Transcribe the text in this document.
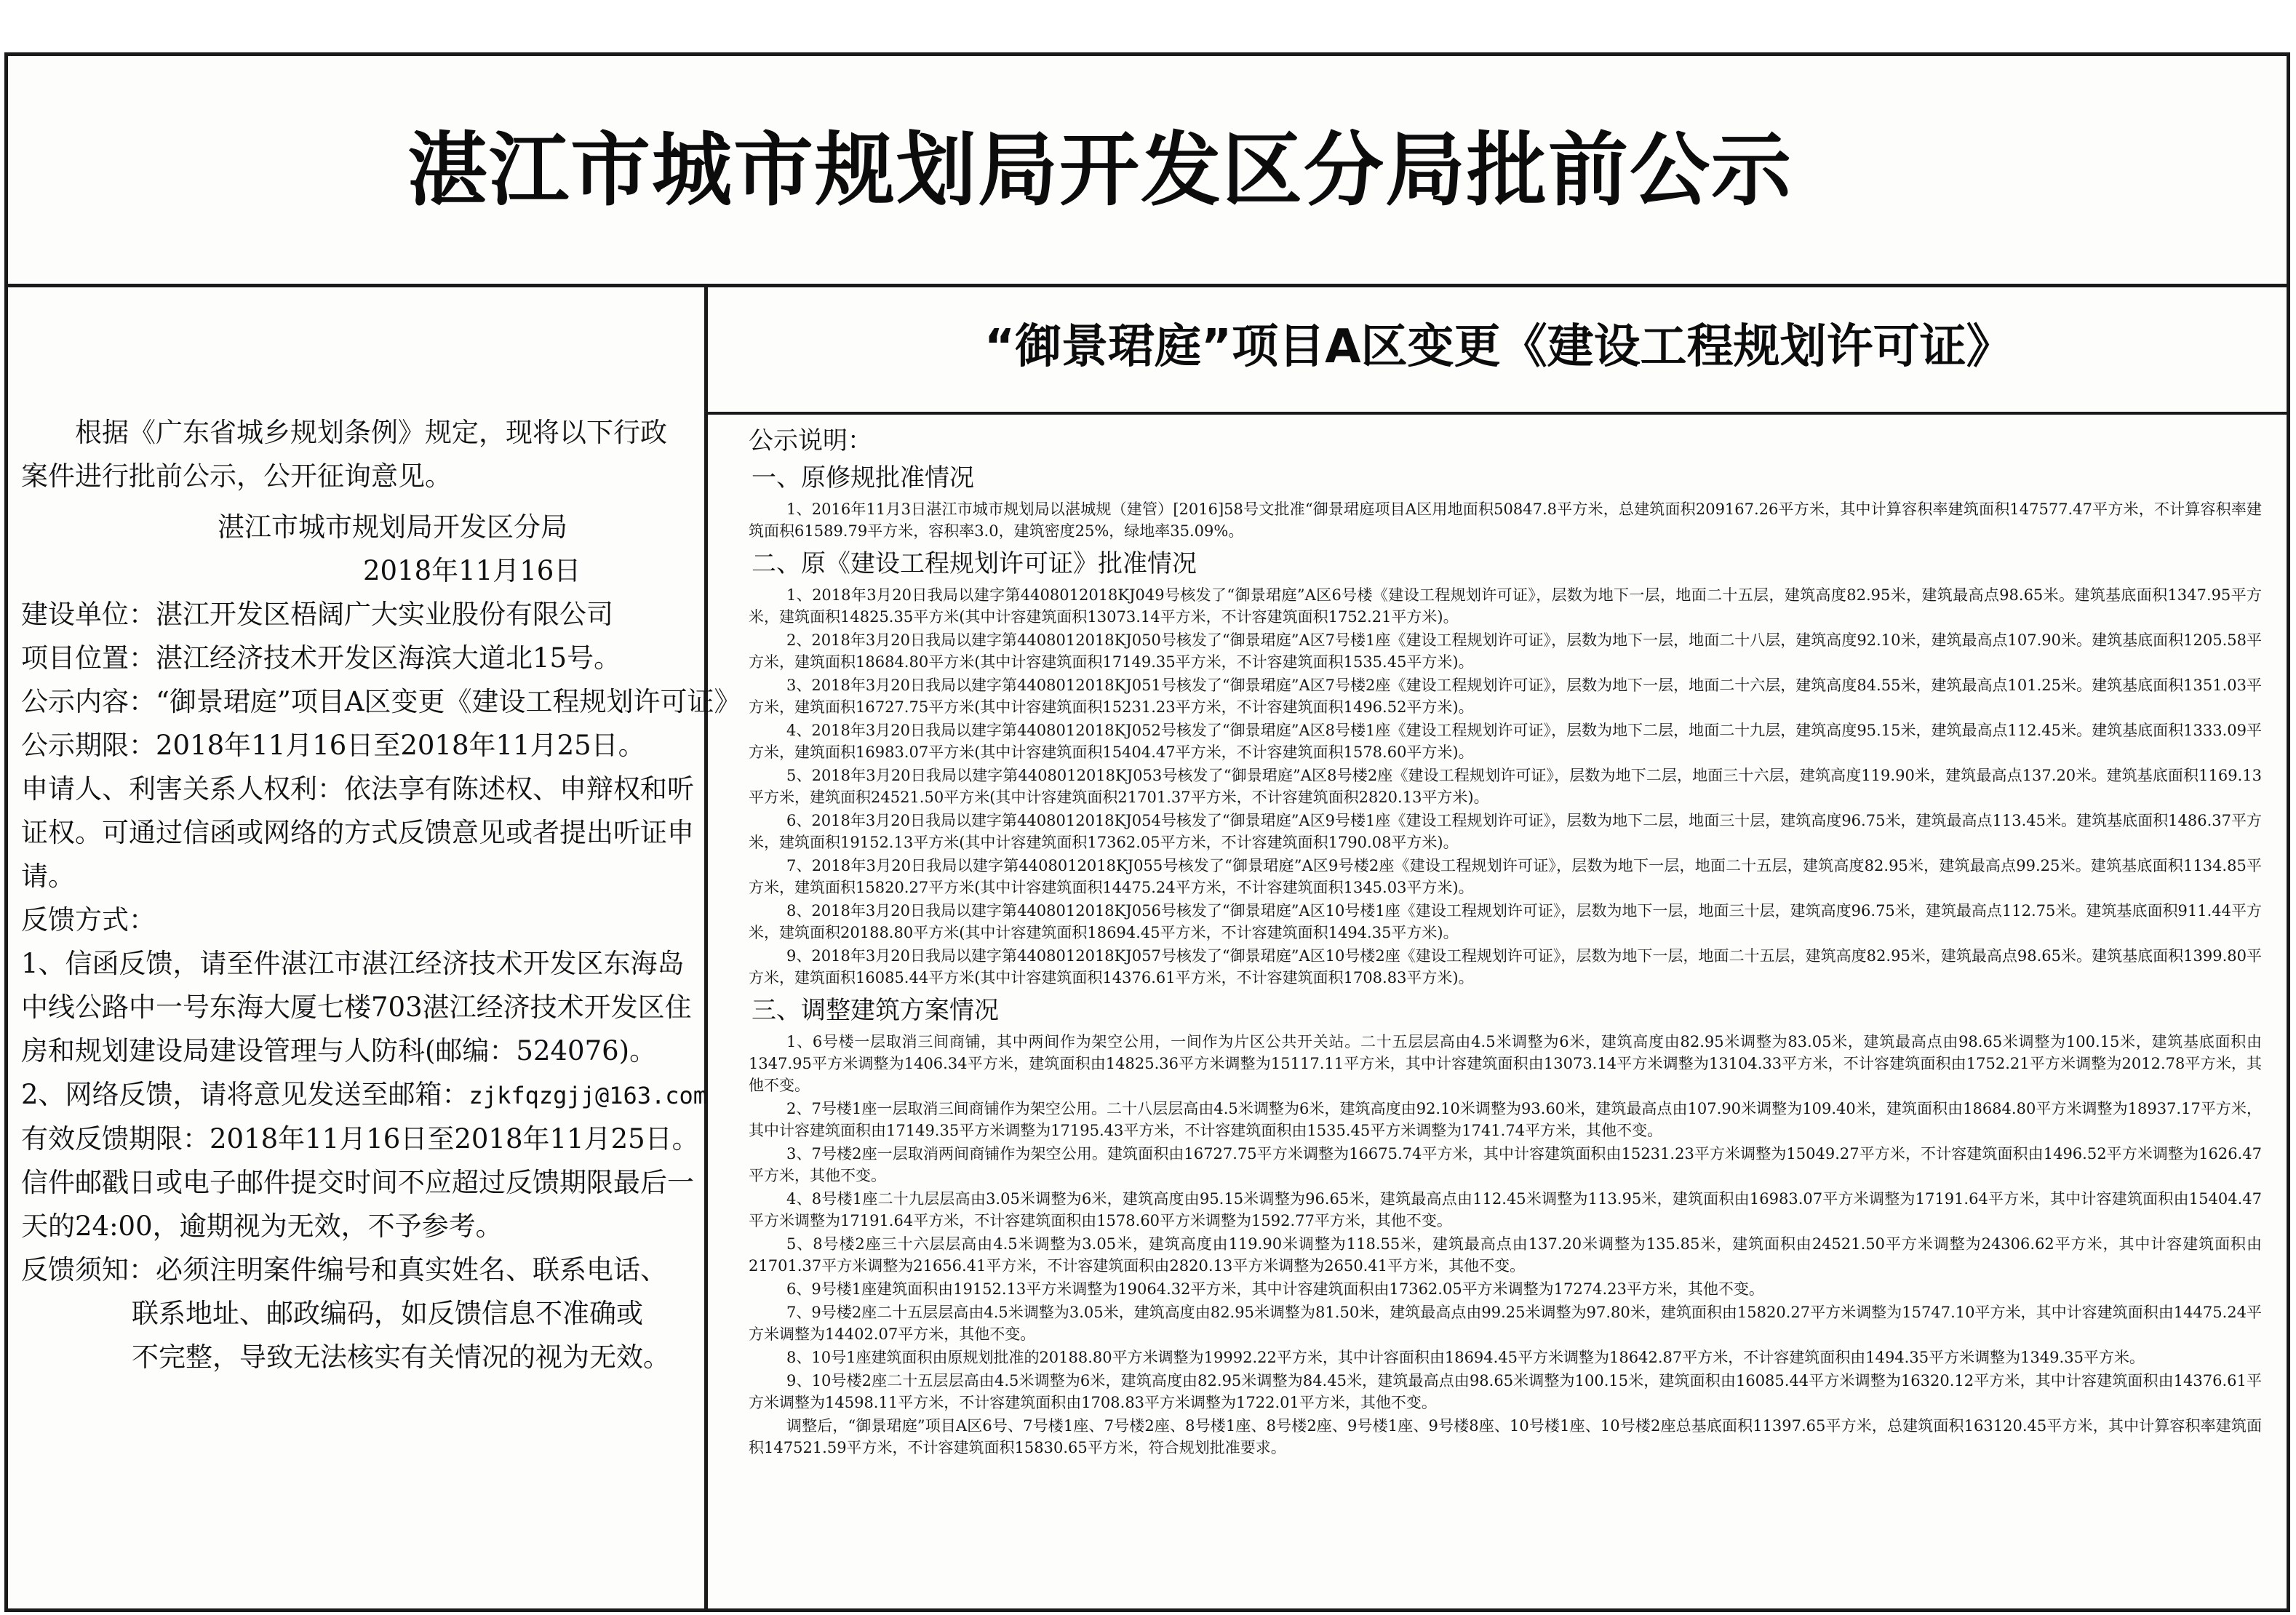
湛江市城市规划局开发区分局批前公示

根据《广东省城乡规划条例》规定，现将以下行政案件进行批前公示，公开征询意见。

湛江市城市规划局开发区分局

2018年11月16日

建设单位：湛江开发区梧阔广大实业股份有限公司

项目位置：湛江经济技术开发区海滨大道北15号。

公示内容：“御景珺庭”项目A区变更《建设工程规划许可证》

公示期限：2018年11月16日至2018年11月25日。

申请人、利害关系人权利：依法享有陈述权、申辩权和听证权。可通过信函或网络的方式反馈意见或者提出听证申请。

反馈方式：

1、信函反馈，请至件湛江市湛江经济技术开发区东海岛中线公路中一号东海大厦七楼703湛江经济技术开发区住房和规划建设局建设管理与人防科(邮编：524076)。

2、网络反馈，请将意见发送至邮箱：zjkfqzgjj@163.com

有效反馈期限：2018年11月16日至2018年11月25日。

信件邮戳日或电子邮件提交时间不应超过反馈期限最后一天的24:00，逾期视为无效，不予参考。

反馈须知：必须注明案件编号和真实姓名、联系电话、

联系地址、邮政编码，如反馈信息不准确或

不完整，导致无法核实有关情况的视为无效。

“御景珺庭”项目A区变更《建设工程规划许可证》

公示说明：

一、原修规批准情况

1、2016年11月3日湛江市城市规划局以湛城规（建管）[2016]58号文批准“御景珺庭项目A区用地面积50847.8平方米，总建筑面积209167.26平方米，其中计算容积率建筑面积147577.47平方米，不计算容积率建筑面积61589.79平方米，容积率3.0，建筑密度25%，绿地率35.09%。

二、原《建设工程规划许可证》批准情况

1、2018年3月20日我局以建字第4408012018KJ049号核发了“御景珺庭”A区6号楼《建设工程规划许可证》，层数为地下一层，地面二十五层，建筑高度82.95米，建筑最高点98.65米。建筑基底面积1347.95平方米，建筑面积14825.35平方米(其中计容建筑面积13073.14平方米，不计容建筑面积1752.21平方米)。

2、2018年3月20日我局以建字第4408012018KJ050号核发了“御景珺庭”A区7号楼1座《建设工程规划许可证》，层数为地下一层，地面二十八层，建筑高度92.10米，建筑最高点107.90米。建筑基底面积1205.58平方米，建筑面积18684.80平方米(其中计容建筑面积17149.35平方米，不计容建筑面积1535.45平方米)。

3、2018年3月20日我局以建字第4408012018KJ051号核发了“御景珺庭”A区7号楼2座《建设工程规划许可证》，层数为地下一层，地面二十六层，建筑高度84.55米，建筑最高点101.25米。建筑基底面积1351.03平方米，建筑面积16727.75平方米(其中计容建筑面积15231.23平方米，不计容建筑面积1496.52平方米)。

4、2018年3月20日我局以建字第4408012018KJ052号核发了“御景珺庭”A区8号楼1座《建设工程规划许可证》，层数为地下二层，地面二十九层，建筑高度95.15米，建筑最高点112.45米。建筑基底面积1333.09平方米，建筑面积16983.07平方米(其中计容建筑面积15404.47平方米，不计容建筑面积1578.60平方米)。

5、2018年3月20日我局以建字第4408012018KJ053号核发了“御景珺庭”A区8号楼2座《建设工程规划许可证》，层数为地下二层，地面三十六层，建筑高度119.90米，建筑最高点137.20米。建筑基底面积1169.13平方米，建筑面积24521.50平方米(其中计容建筑面积21701.37平方米，不计容建筑面积2820.13平方米)。

6、2018年3月20日我局以建字第4408012018KJ054号核发了“御景珺庭”A区9号楼1座《建设工程规划许可证》，层数为地下二层，地面三十层，建筑高度96.75米，建筑最高点113.45米。建筑基底面积1486.37平方米，建筑面积19152.13平方米(其中计容建筑面积17362.05平方米，不计容建筑面积1790.08平方米)。

7、2018年3月20日我局以建字第4408012018KJ055号核发了“御景珺庭”A区9号楼2座《建设工程规划许可证》，层数为地下一层，地面二十五层，建筑高度82.95米，建筑最高点99.25米。建筑基底面积1134.85平方米，建筑面积15820.27平方米(其中计容建筑面积14475.24平方米，不计容建筑面积1345.03平方米)。

8、2018年3月20日我局以建字第4408012018KJ056号核发了“御景珺庭”A区10号楼1座《建设工程规划许可证》，层数为地下一层，地面三十层，建筑高度96.75米，建筑最高点112.75米。建筑基底面积911.44平方米，建筑面积20188.80平方米(其中计容建筑面积18694.45平方米，不计容建筑面积1494.35平方米)。

9、2018年3月20日我局以建字第4408012018KJ057号核发了“御景珺庭”A区10号楼2座《建设工程规划许可证》，层数为地下一层，地面二十五层，建筑高度82.95米，建筑最高点98.65米。建筑基底面积1399.80平方米，建筑面积16085.44平方米(其中计容建筑面积14376.61平方米，不计容建筑面积1708.83平方米)。

三、调整建筑方案情况

1、6号楼一层取消三间商铺，其中两间作为架空公用，一间作为片区公共开关站。二十五层层高由4.5米调整为6米，建筑高度由82.95米调整为83.05米，建筑最高点由98.65米调整为100.15米，建筑基底面积由1347.95平方米调整为1406.34平方米，建筑面积由14825.36平方米调整为15117.11平方米，其中计容建筑面积由13073.14平方米调整为13104.33平方米，不计容建筑面积由1752.21平方米调整为2012.78平方米，其他不变。

2、7号楼1座一层取消三间商铺作为架空公用。二十八层层高由4.5米调整为6米，建筑高度由92.10米调整为93.60米，建筑最高点由107.90米调整为109.40米，建筑面积由18684.80平方米调整为18937.17平方米，其中计容建筑面积由17149.35平方米调整为17195.43平方米，不计容建筑面积由1535.45平方米调整为1741.74平方米，其他不变。

3、7号楼2座一层取消两间商铺作为架空公用。建筑面积由16727.75平方米调整为16675.74平方米，其中计容建筑面积由15231.23平方米调整为15049.27平方米，不计容建筑面积由1496.52平方米调整为1626.47平方米，其他不变。

4、8号楼1座二十九层层高由3.05米调整为6米，建筑高度由95.15米调整为96.65米，建筑最高点由112.45米调整为113.95米，建筑面积由16983.07平方米调整为17191.64平方米，其中计容建筑面积由15404.47平方米调整为17191.64平方米，不计容建筑面积由1578.60平方米调整为1592.77平方米，其他不变。

5、8号楼2座三十六层层高由4.5米调整为3.05米，建筑高度由119.90米调整为118.55米，建筑最高点由137.20米调整为135.85米，建筑面积由24521.50平方米调整为24306.62平方米，其中计容建筑面积由21701.37平方米调整为21656.41平方米，不计容建筑面积由2820.13平方米调整为2650.41平方米，其他不变。

6、9号楼1座建筑面积由19152.13平方米调整为19064.32平方米，其中计容建筑面积由17362.05平方米调整为17274.23平方米，其他不变。

7、9号楼2座二十五层层高由4.5米调整为3.05米，建筑高度由82.95米调整为81.50米，建筑最高点由99.25米调整为97.80米，建筑面积由15820.27平方米调整为15747.10平方米，其中计容建筑面积由14475.24平方米调整为14402.07平方米，其他不变。

8、10号1座建筑面积由原规划批准的20188.80平方米调整为19992.22平方米，其中计容面积由18694.45平方米调整为18642.87平方米，不计容建筑面积由1494.35平方米调整为1349.35平方米。

9、10号楼2座二十五层层高由4.5米调整为6米，建筑高度由82.95米调整为84.45米，建筑最高点由98.65米调整为100.15米，建筑面积由16085.44平方米调整为16320.12平方米，其中计容建筑面积由14376.61平方米调整为14598.11平方米，不计容建筑面积由1708.83平方米调整为1722.01平方米，其他不变。

调整后，“御景珺庭”项目A区6号、7号楼1座、7号楼2座、8号楼1座、8号楼2座、9号楼1座、9号楼8座、10号楼1座、10号楼2座总基底面积11397.65平方米，总建筑面积163120.45平方米，其中计算容积率建筑面积147521.59平方米，不计容建筑面积15830.65平方米，符合规划批准要求。
